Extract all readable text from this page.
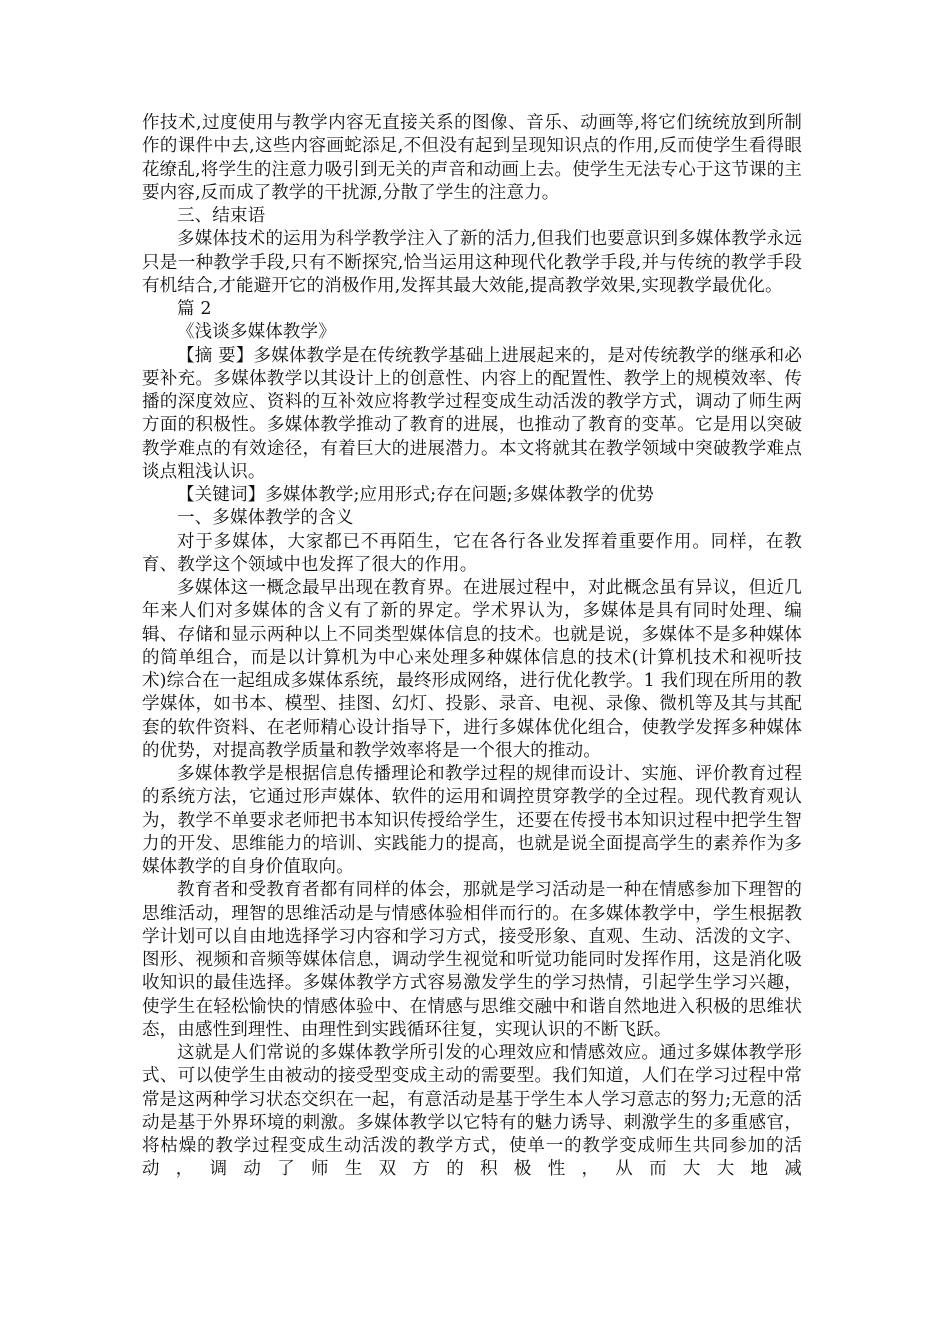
作技术,过度使用与教学内容无直接关系的图像、音乐、动画等,将它们统统放到所制作的课件中去,这些内容画蛇添足,不但没有起到呈现知识点的作用,反而使学生看得眼花缭乱,将学生的注意力吸引到无关的声音和动画上去。使学生无法专心于这节课的主要内容,反而成了教学的干扰源,分散了学生的注意力。

三、结束语

多媒体技术的运用为科学教学注入了新的活力,但我们也要意识到多媒体教学永远只是一种教学手段,只有不断探究,恰当运用这种现代化教学手段,并与传统的教学手段有机结合,才能避开它的消极作用,发挥其最大效能,提高教学效果,实现教学最优化。

篇 2

《浅谈多媒体教学》

【摘 要】多媒体教学是在传统教学基础上进展起来的，是对传统教学的继承和必要补充。多媒体教学以其设计上的创意性、内容上的配置性、教学上的规模效率、传播的深度效应、资料的互补效应将教学过程变成生动活泼的教学方式，调动了师生两方面的积极性。多媒体教学推动了教育的进展，也推动了教育的变革。它是用以突破教学难点的有效途径，有着巨大的进展潜力。本文将就其在教学领域中突破教学难点谈点粗浅认识。

【关键词】多媒体教学;应用形式;存在问题;多媒体教学的优势

一、多媒体教学的含义

对于多媒体，大家都已不再陌生，它在各行各业发挥着重要作用。同样，在教育、教学这个领域中也发挥了很大的作用。

多媒体这一概念最早出现在教育界。在进展过程中，对此概念虽有异议，但近几年来人们对多媒体的含义有了新的界定。学术界认为，多媒体是具有同时处理、编辑、存储和显示两种以上不同类型媒体信息的技术。也就是说，多媒体不是多种媒体的简单组合，而是以计算机为中心来处理多种媒体信息的技术(计算机技术和视听技术)综合在一起组成多媒体系统，最终形成网络，进行优化教学。1 我们现在所用的教学媒体，如书本、模型、挂图、幻灯、投影、录音、电视、录像、微机等及其与其配套的软件资料、在老师精心设计指导下，进行多媒体优化组合，使教学发挥多种媒体的优势，对提高教学质量和教学效率将是一个很大的推动。

多媒体教学是根据信息传播理论和教学过程的规律而设计、实施、评价教育过程的系统方法，它通过形声媒体、软件的运用和调控贯穿教学的全过程。现代教育观认为，教学不单要求老师把书本知识传授给学生，还要在传授书本知识过程中把学生智力的开发、思维能力的培训、实践能力的提高，也就是说全面提高学生的素养作为多媒体教学的自身价值取向。

教育者和受教育者都有同样的体会，那就是学习活动是一种在情感参加下理智的思维活动，理智的思维活动是与情感体验相伴而行的。在多媒体教学中，学生根据教学计划可以自由地选择学习内容和学习方式，接受形象、直观、生动、活泼的文字、图形、视频和音频等媒体信息，调动学生视觉和听觉功能同时发挥作用，这是消化吸收知识的最佳选择。多媒体教学方式容易激发学生的学习热情，引起学生学习兴趣，使学生在轻松愉快的情感体验中、在情感与思维交融中和谐自然地进入积极的思维状态，由感性到理性、由理性到实践循环往复，实现认识的不断飞跃。

这就是人们常说的多媒体教学所引发的心理效应和情感效应。通过多媒体教学形式、可以使学生由被动的接受型变成主动的需要型。我们知道，人们在学习过程中常常是这两种学习状态交织在一起，有意活动是基于学生本人学习意志的努力;无意的活动是基于外界环境的刺激。多媒体教学以它特有的魅力诱导、刺激学生的多重感官，将枯燥的教学过程变成生动活泼的教学方式，使单一的教学变成师生共同参加的活动，调动了师生双方的积极性，从而大大地减
